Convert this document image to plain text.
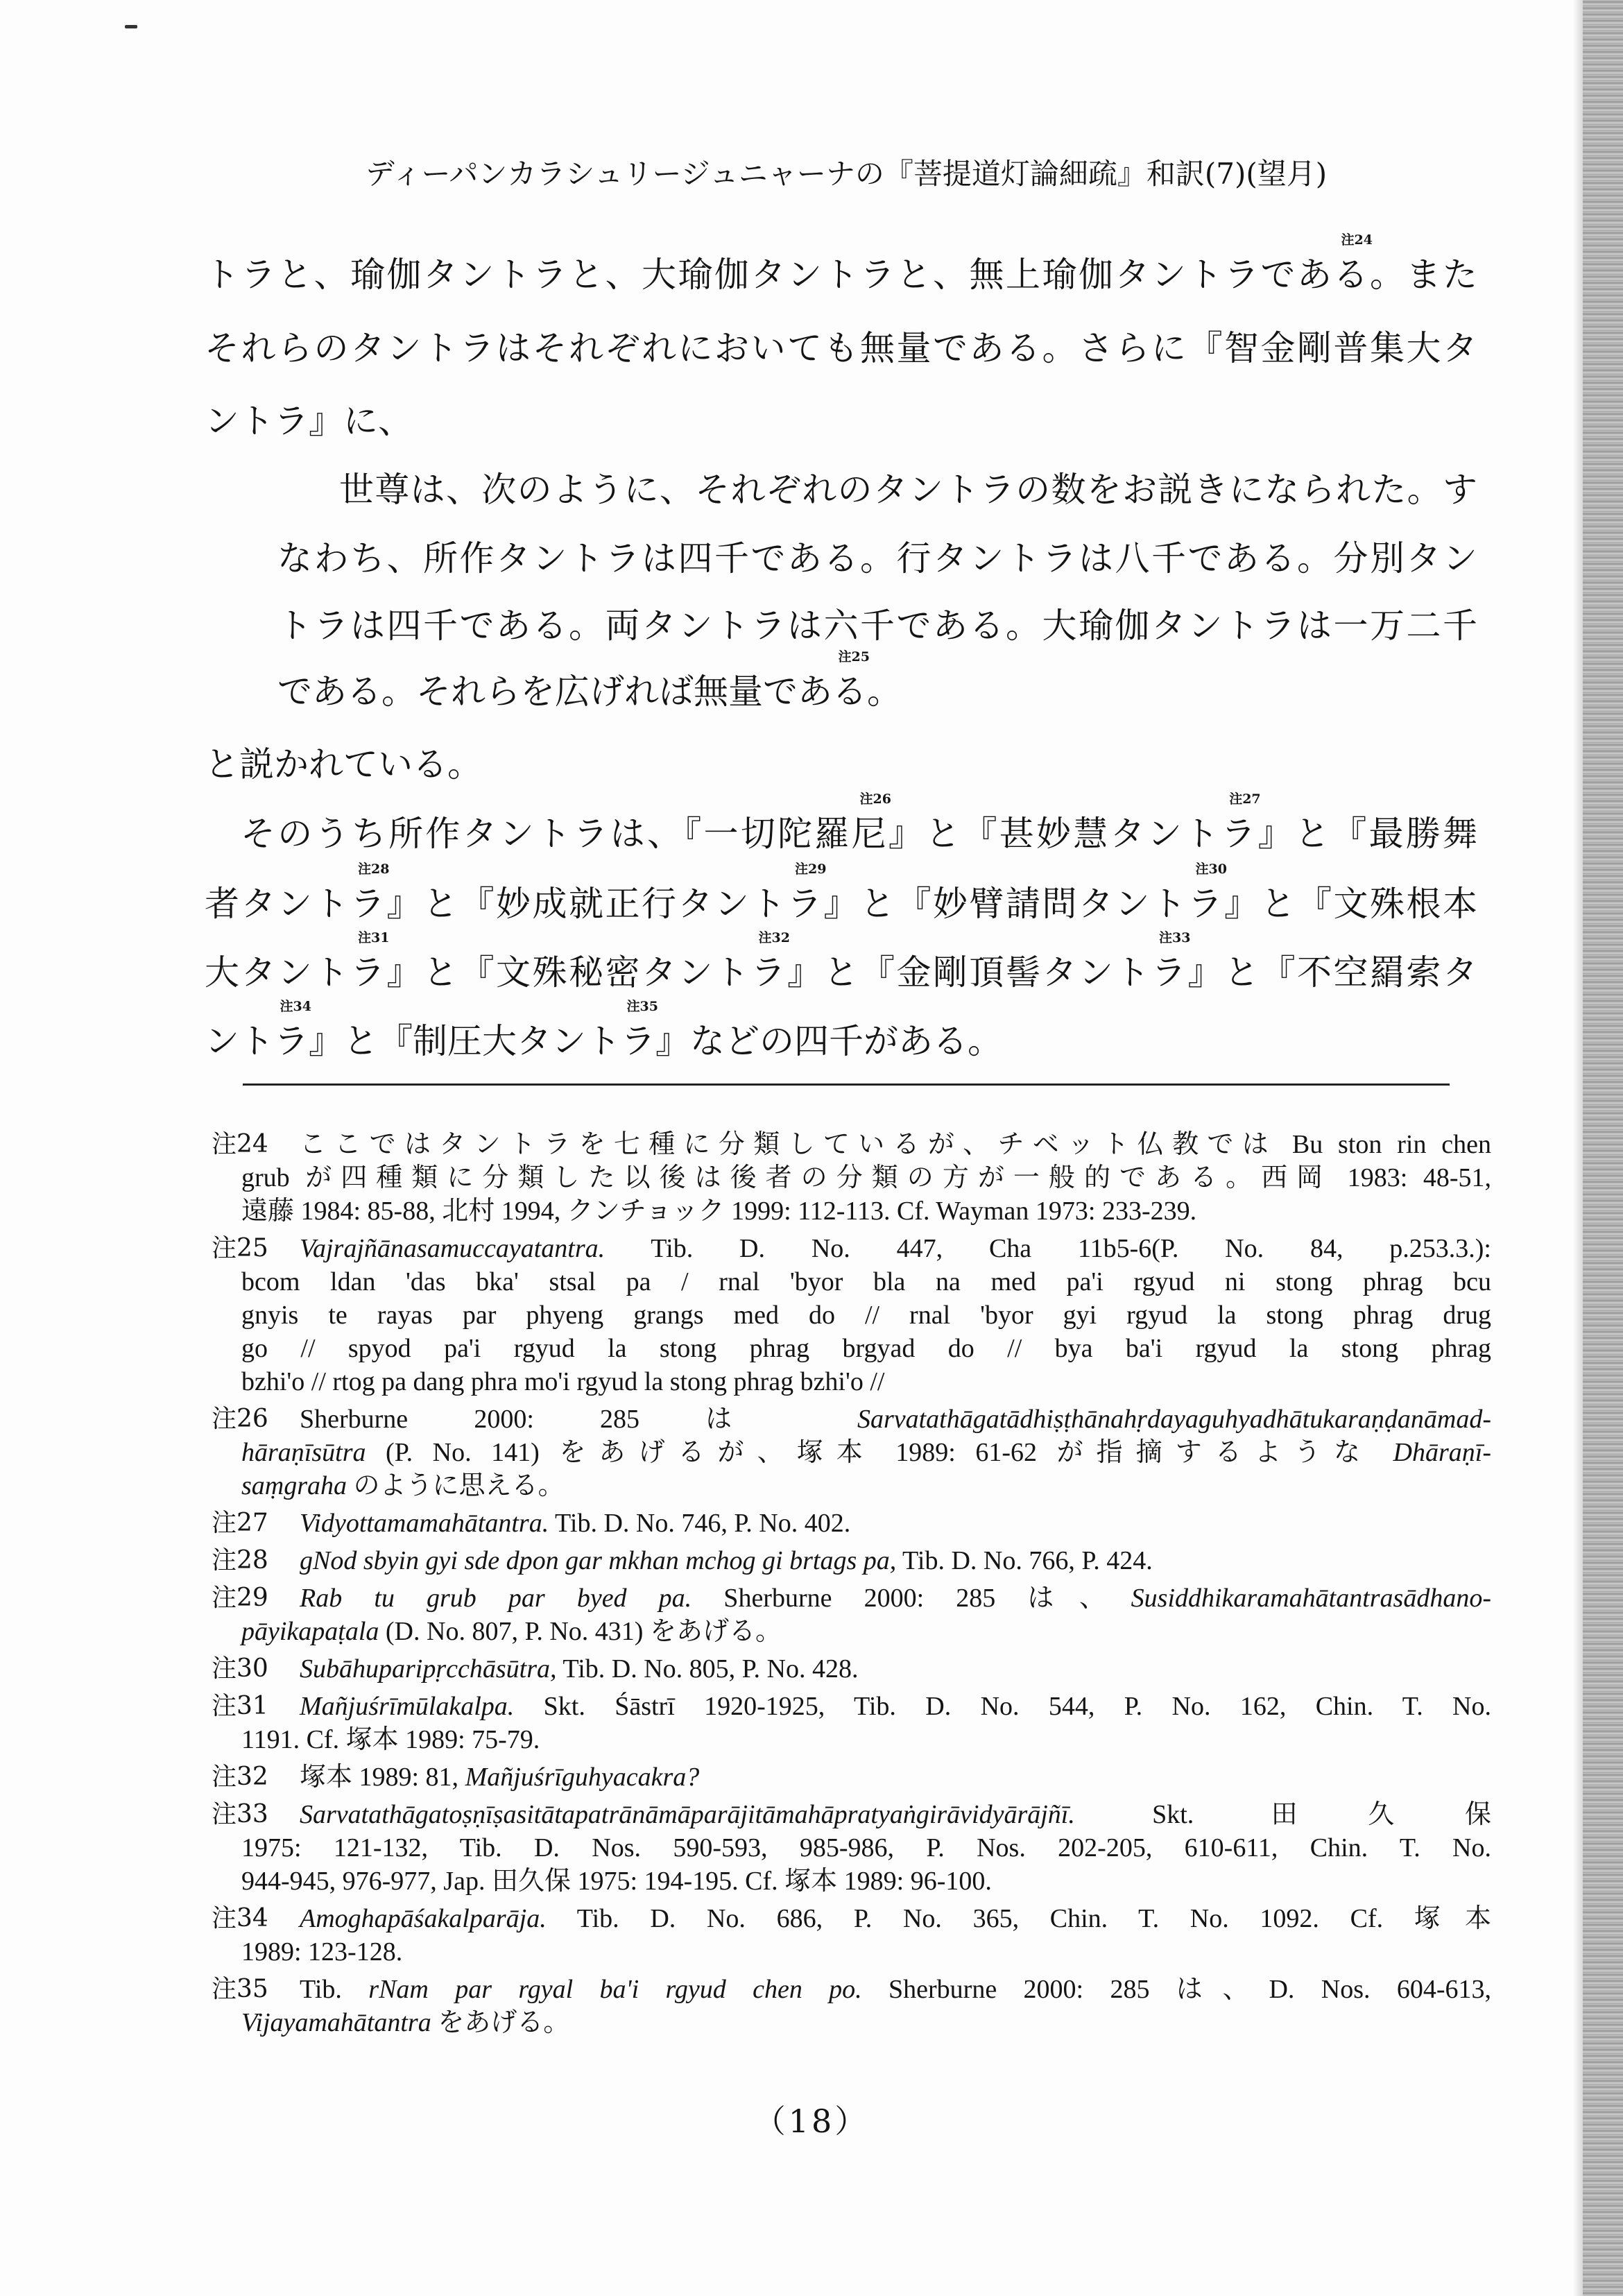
ディーパンカラシュリージュニャーナの『菩提道灯論細疏』和訳(7)(望月)
トラと、瑜伽タントラと、大瑜伽タントラと、無上瑜伽タントラである
注24
。また
それらのタントラはそれぞれにおいても無量である。さらに『智金剛普集大タ
ントラ』に、
世尊は、次のように、それぞれのタントラの数をお説きになられた。す
なわち、所作タントラは四千である。行タントラは八千である。分別タン
トラは四千である。両タントラは六千である。大瑜伽タントラは一万二千
である。それらを広げれば無量である
注25
。
と説かれている。
そのうち所作タントラは、『一切陀羅尼
注26
』と『甚妙慧タントラ
注27
』と『最勝舞
者タントラ
注28
』と『妙成就正行タントラ
注29
』と『妙臂請問タントラ
注30
』と『文殊根本
大タントラ
注31
』と『文殊秘密タントラ
注32
』と『金剛頂髻タントラ
注33
』と『不空羂索タ
ントラ
注34
』と『制圧大タントラ
注35
』などの四千がある。
注24 ここではタントラを七種に分類しているが、チベット仏教では Bu ston rin chen
grub が四種類に分類した以後は後者の分類の方が一般的である。西岡 1983: 48-51,
遠藤 1984: 85-88, 北村 1994, クンチョック 1999: 112-113. Cf. Wayman 1973: 233-239.
注25 Vajrajñānasamuccayatantra. Tib. D. No. 447, Cha 11b5-6(P. No. 84, p.253.3.):
bcom ldan 'das bka' stsal pa / rnal 'byor bla na med pa'i rgyud ni stong phrag bcu
gnyis te rayas par phyeng grangs med do // rnal 'byor gyi rgyud la stong phrag drug
go // spyod pa'i rgyud la stong phrag brgyad do // bya ba'i rgyud la stong phrag
bzhi'o // rtog pa dang phra mo'i rgyud la stong phrag bzhi'o //
注26 Sherburne 2000: 285 は Sarvatathāgatādhiṣṭhānahṛdayaguhyadhātukaraṇḍanāmad-
hāraṇīsūtra (P. No. 141) をあげるが、塚本 1989: 61-62 が指摘するような Dhāraṇī-
saṃgraha のように思える。
注27 Vidyottamamahātantra. Tib. D. No. 746, P. No. 402.
注28 gNod sbyin gyi sde dpon gar mkhan mchog gi brtags pa, Tib. D. No. 766, P. 424.
注29 Rab tu grub par byed pa. Sherburne 2000: 285 は、Susiddhikaramahātantrasādhano-
pāyikapaṭala (D. No. 807, P. No. 431) をあげる。
注30 Subāhuparipṛcchāsūtra, Tib. D. No. 805, P. No. 428.
注31 Mañjuśrīmūlakalpa. Skt. Śāstrī 1920-1925, Tib. D. No. 544, P. No. 162, Chin. T. No.
1191. Cf. 塚本 1989: 75-79.
注32 塚本 1989: 81, Mañjuśrīguhyacakra?
注33 Sarvatathāgatoṣṇīṣasitātapatrānāmāparājitāmahāpratyaṅgirāvidyārājñī. Skt. 田久保
1975: 121-132, Tib. D. Nos. 590-593, 985-986, P. Nos. 202-205, 610-611, Chin. T. No.
944-945, 976-977, Jap. 田久保 1975: 194-195. Cf. 塚本 1989: 96-100.
注34 Amoghapāśakalparāja. Tib. D. No. 686, P. No. 365, Chin. T. No. 1092. Cf. 塚本
1989: 123-128.
注35 Tib. rNam par rgyal ba'i rgyud chen po. Sherburne 2000: 285 は、D. Nos. 604-613,
Vijayamahātantra をあげる。
（18）
